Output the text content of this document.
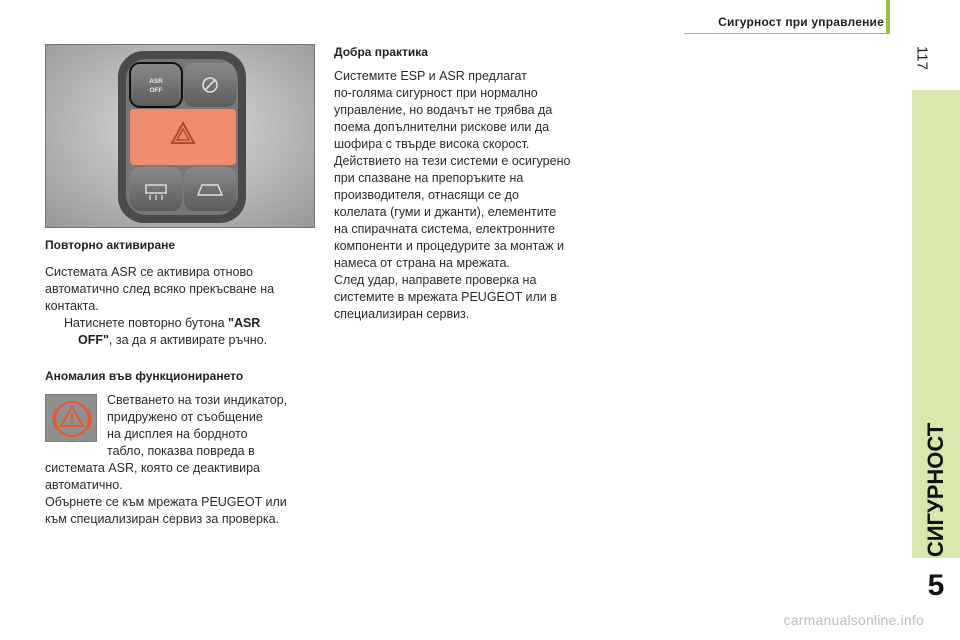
Сигурност при управление
117
СИГУРНОСТ
5
ASR
OFF
Повторно активиране
Системата ASR се активира отново
автоматично след всяко прекъсване на
контакта.
Натиснете повторно бутона "ASR
OFF", за да я активирате ръчно.
Аномалия във функционирането
Светването на този индикатор,
придружено от съобщение
на дисплея на бордното
табло, показва повреда в
системата ASR, която се деактивира
автоматично.
Обърнете се към мрежата PEUGEOT или
към специализиран сервиз за проверка.
Добра практика
Системите ESP и ASR предлагат
по-голяма сигурност при нормално
управление, но водачът не трябва да
поема допълнителни рискове или да
шофира с твърде висока скорост.
Действието на тези системи е осигурено
при спазване на препоръките на
производителя, отнасящи се до
колелата (гуми и джанти), елементите
на спирачната система, електронните
компоненти и процедурите за монтаж и
намеса от страна на мрежата.
След удар, направете проверка на
системите в мрежата PEUGEOT или в
специализиран сервиз.
carmanualsonline.info
